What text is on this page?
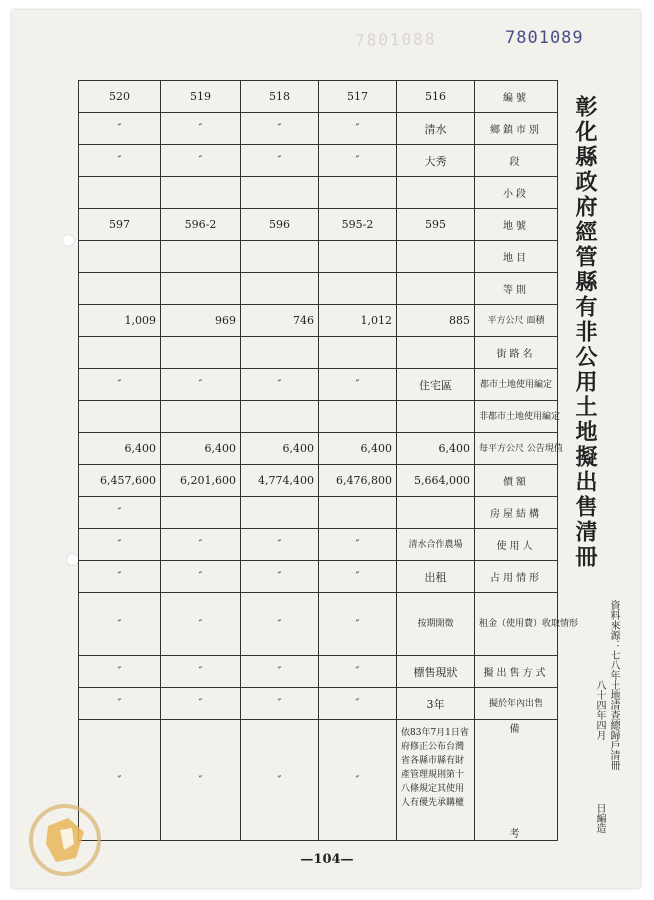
7801088	7801089
520	519	518	517	516	編號
″	″	″	″	清水	鄉鎮市別
″	″	″	″	大秀	段
					小段
597	596-2	596	595-2	595	地號
					地目
					等則
1,009	969	746	1,012	885	平方公尺 面積
					街路名
″	″	″	″	住宅區	都市土地使用編定
					非都市土地使用編定
6,400	6,400	6,400	6,400	6,400	每平方公尺 公告現值
6,457,600	6,201,600	4,774,400	6,476,800	5,664,000	價額
″					房屋結構
″	″	″	″	清水合作農場	使用人
″	″	″	″	出租	占用情形
″	″	″	″	按期開徵	租金（使用費）收取情形
″	″	″	″	標售現狀	擬出售方式
″	″	″	″	3年	擬於年內出售
″	″	″	″	依83年7月1日省府修正公布台灣省各縣市縣有財產管理規則第十八條規定其使用人有優先承購權	備
考
彰化縣政府經管縣有非公用土地擬出售清冊
資料來源：七八年土地清查總歸戶清冊 八十四年四月 日編造
—104—
